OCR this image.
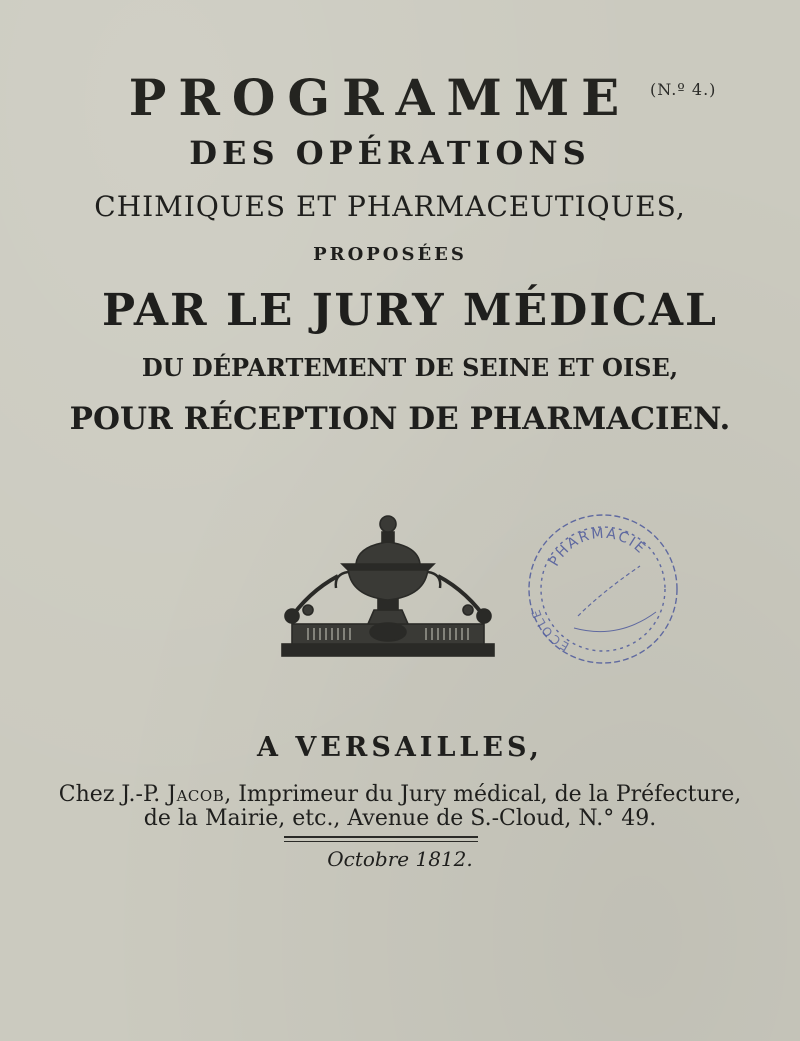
PROGRAMME	(N.º 4.)
DES OPÉRATIONS
CHIMIQUES ET PHARMACEUTIQUES,
PROPOSÉES
PAR LE JURY MÉDICAL
DU DÉPARTEMENT DE SEINE ET OISE,
POUR RÉCEPTION DE PHARMACIEN.
PHARMACIE
ECOLE
A VERSAILLES,
Chez J.-P. Jacob, Imprimeur du Jury médical, de la Préfecture,
de la Mairie, etc., Avenue de S.-Cloud, N.° 49.
Octobre 1812.
